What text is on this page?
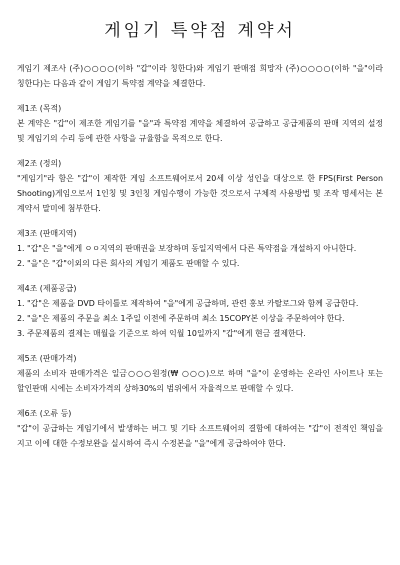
게임기 특약점 계약서

게임기 제조사 (주)○○○○(이하 "갑"이라 칭한다)와 게임기 판매점 희망자 (주)○○○○(이하 "을"이라 칭한다)는 다음과 같이 게임기 특약점 계약을 체결한다.

제1조 (목적)

본 계약은 "갑"이 제조한 게임기를 "을"과 특약점 계약을 체결하여 공급하고 공급제품의 판매 지역의 설정 및 게임기의 수리 등에 관한 사항을 규율함을 목적으로 한다.

제2조 (정의)

"게임기"라 함은 "갑"이 제작한 게임 소프트웨어로서 20세 이상 성인을 대상으로 한 FPS(First Person Shooting)게임으로서 1인칭 및 3인칭 게임수행이 가능한 것으로서 구체적 사용방법 및 조작 명세서는 본 계약서 말미에 첨부한다.

제3조 (판매지역)

1. "갑"은 "을"에게 ㅇㅇ지역의 판매권을 보장하며 동일지역에서 다른 특약점을 개설하지 아니한다.

2. "을"은 "갑"이외의 다른 회사의 게임기 제품도 판매할 수 있다.

제4조 (제품공급)

1. "갑"은 제품을 DVD 타이틀로 제작하여 "을"에게 공급하며, 관련 홍보 카탈로그와 함께 공급한다.

2. "을"은 제품의 주문을 최소 1주일 이전에 주문하며 최소 15COPY본 이상을 주문하여야 한다.

3. 주문제품의 결제는 매월을 기준으로 하여 익월 10일까지 "갑"에게 현금 결제한다.

제5조 (판매가격)

제품의 소비자 판매가격은 일금○○○원정(₩ ○○○)으로 하며 "을"이 운영하는 온라인 사이트나 또는 할인판매 시에는 소비자가격의 상하30%의 범위에서 자율적으로 판매할 수 있다.

제6조 (오류 등)

"갑"이 공급하는 게임기에서 발생하는 버그 및 기타 소프트웨어의 결함에 대하여는 "갑"이 전적인 책임을 지고 이에 대한 수정보완을 실시하여 즉시 수정본을 "을"에게 공급하여야 한다.
